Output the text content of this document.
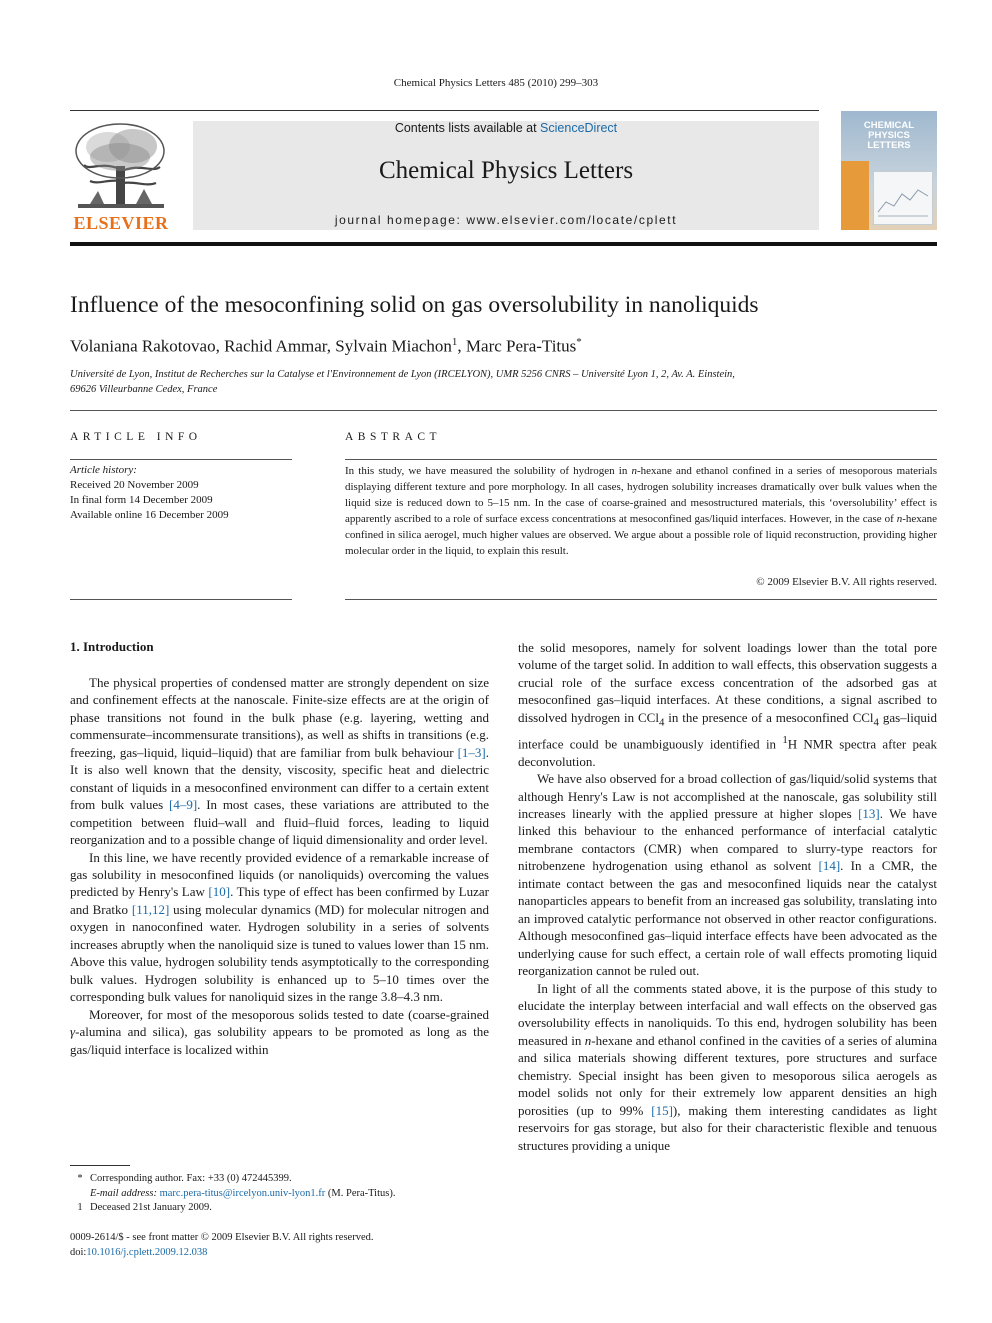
Chemical Physics Letters 485 (2010) 299–303
ELSEVIER
Contents lists available at ScienceDirect
Chemical Physics Letters
journal homepage: www.elsevier.com/locate/cplett
CHEMICAL
PHYSICS
LETTERS
Influence of the mesoconfining solid on gas oversolubility in nanoliquids
Volaniana Rakotovao, Rachid Ammar, Sylvain Miachon$^1$, Marc Pera-Titus*
Université de Lyon, Institut de Recherches sur la Catalyse et l'Environnement de Lyon (IRCELYON), UMR 5256 CNRS – Université Lyon 1, 2, Av. A. Einstein,
69626 Villeurbanne Cedex, France
ARTICLE INFO	ABSTRACT
Article history:
Received 20 November 2009
In final form 14 December 2009
Available online 16 December 2009
In this study, we have measured the solubility of hydrogen in n-hexane and ethanol confined in a series of mesoporous materials displaying different texture and pore morphology. In all cases, hydrogen solubility increases dramatically over bulk values when the liquid size is reduced down to 5–15 nm. In the case of coarse-grained and mesostructured materials, this ‘oversolubility’ effect is apparently ascribed to a role of surface excess concentrations at mesoconfined gas/liquid interfaces. However, in the case of n-hexane confined in silica aerogel, much higher values are observed. We argue about a possible role of liquid reconstruction, providing higher molecular order in the liquid, to explain this result.
© 2009 Elsevier B.V. All rights reserved.
1. Introduction

The physical properties of condensed matter are strongly dependent on size and confinement effects at the nanoscale. Finite-size effects are at the origin of phase transitions not found in the bulk phase (e.g. layering, wetting and commensurate–incommensurate transitions), as well as shifts in transitions (e.g. freezing, gas–liquid, liquid–liquid) that are familiar from bulk behaviour [1–3]. It is also well known that the density, viscosity, specific heat and dielectric constant of liquids in a mesoconfined environment can differ to a certain extent from bulk values [4–9]. In most cases, these variations are attributed to the competition between fluid–wall and fluid–fluid forces, leading to liquid reorganization and to a possible change of liquid dimensionality and order level.

In this line, we have recently provided evidence of a remarkable increase of gas solubility in mesoconfined liquids (or nanoliquids) overcoming the values predicted by Henry's Law [10]. This type of effect has been confirmed by Luzar and Bratko [11,12] using molecular dynamics (MD) for molecular nitrogen and oxygen in nanoconfined water. Hydrogen solubility in a series of solvents increases abruptly when the nanoliquid size is tuned to values lower than 15 nm. Above this value, hydrogen solubility tends asymptotically to the corresponding bulk values. Hydrogen solubility is enhanced up to 5–10 times over the corresponding bulk values for nanoliquid sizes in the range 3.8–4.3 nm.

Moreover, for most of the mesoporous solids tested to date (coarse-grained γ-alumina and silica), gas solubility appears to be promoted as long as the gas/liquid interface is localized within

the solid mesopores, namely for solvent loadings lower than the total pore volume of the target solid. In addition to wall effects, this observation suggests a crucial role of the surface excess concentration of the adsorbed gas at mesoconfined gas–liquid interfaces. At these conditions, a signal ascribed to dissolved hydrogen in CCl$_4$ in the presence of a mesoconfined CCl$_4$ gas–liquid interface could be unambiguously identified in $^1$H NMR spectra after peak deconvolution.

We have also observed for a broad collection of gas/liquid/solid systems that although Henry's Law is not accomplished at the nanoscale, gas solubility still increases linearly with the applied pressure at higher slopes [13]. We have linked this behaviour to the enhanced performance of interfacial catalytic membrane contactors (CMR) when compared to slurry-type reactors for nitrobenzene hydrogenation using ethanol as solvent [14]. In a CMR, the intimate contact between the gas and mesoconfined liquids near the catalyst nanoparticles appears to benefit from an increased gas solubility, translating into an improved catalytic performance not observed in other reactor configurations. Although mesoconfined gas–liquid interface effects have been advocated as the underlying cause for such effect, a certain role of wall effects promoting liquid reorganization cannot be ruled out.

In light of all the comments stated above, it is the purpose of this study to elucidate the interplay between interfacial and wall effects on the observed gas oversolubility effects in nanoliquids. To this end, hydrogen solubility has been measured in n-hexane and ethanol confined in the cavities of a series of alumina and silica materials showing different textures, pore structures and surface chemistry. Special insight has been given to mesoporous silica aerogels as model solids not only for their extremely low apparent densities an high porosities (up to 99% [15]), making them interesting candidates as light reservoirs for gas storage, but also for their characteristic flexible and tenuous structures providing a unique

* Corresponding author. Fax: +33 (0) 472445399.
E-mail address: marc.pera-titus@ircelyon.univ-lyon1.fr (M. Pera-Titus).
1 Deceased 21st January 2009.
0009-2614/$ - see front matter © 2009 Elsevier B.V. All rights reserved.
doi:10.1016/j.cplett.2009.12.038
